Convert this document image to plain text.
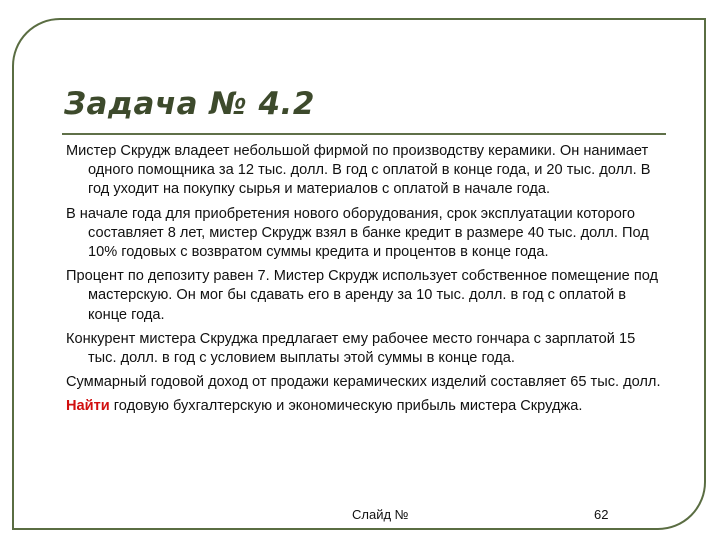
Задача № 4.2

Мистер Скрудж владеет небольшой фирмой по производству керамики. Он нанимает одного помощника за 12 тыс. долл. В год с оплатой в конце года, и 20 тыс. долл. В год уходит на покупку сырья и материалов с оплатой в начале года.

В начале года для приобретения нового оборудования, срок эксплуатации которого составляет 8 лет, мистер Скрудж взял в банке кредит в размере 40 тыс. долл. Под 10% годовых с возвратом суммы кредита и процентов в конце года.

Процент по депозиту равен 7. Мистер Скрудж использует собственное помещение под мастерскую. Он мог бы сдавать его в аренду за 10 тыс. долл. в год с оплатой в конце года.

Конкурент мистера Скруджа предлагает ему рабочее место гончара с зарплатой 15 тыс. долл. в год с условием выплаты этой суммы в конце года.

Суммарный годовой доход от продажи керамических изделий составляет 65 тыс. долл.

Найти годовую бухгалтерскую и экономическую прибыль мистера Скруджа.

Слайд №	62
